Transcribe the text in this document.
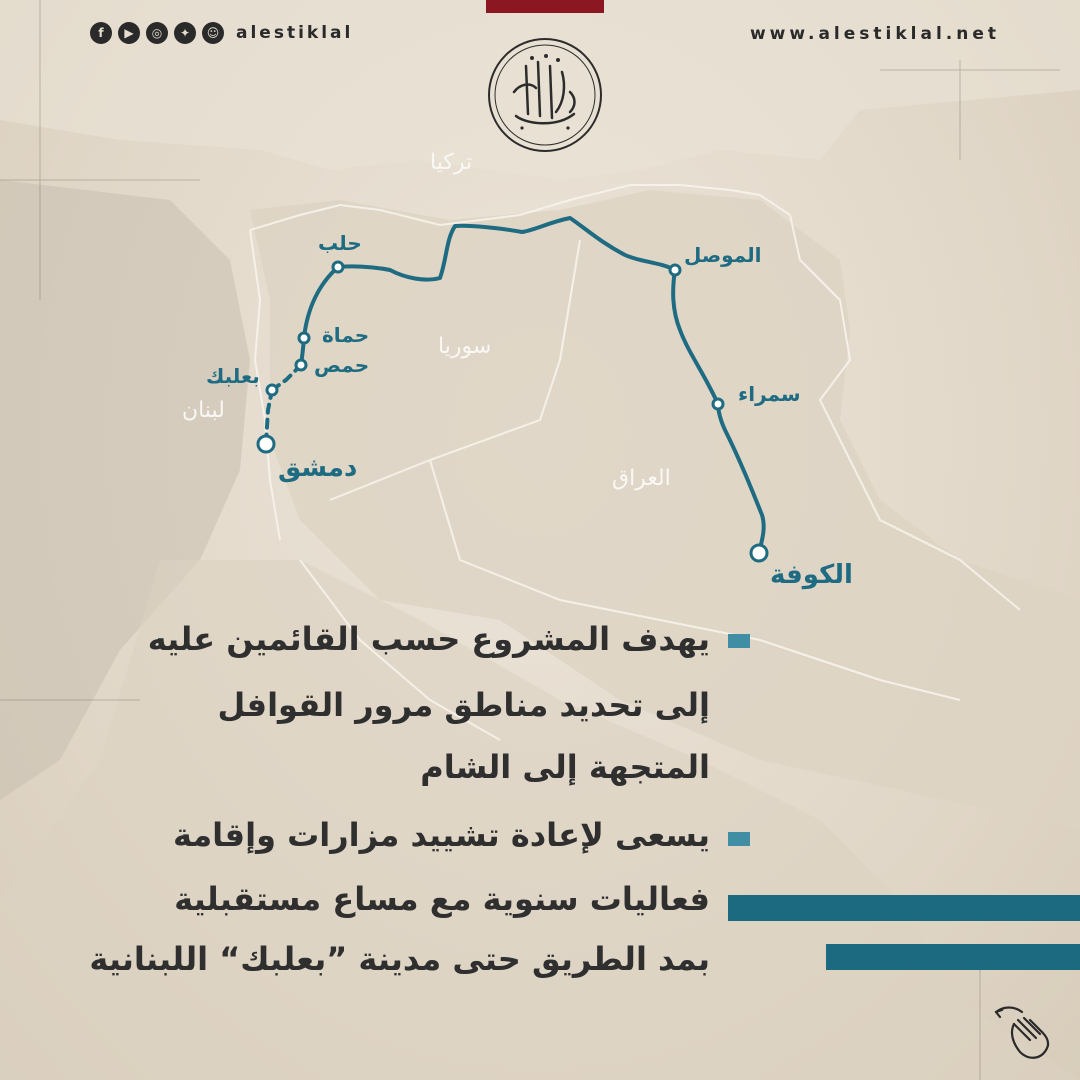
f	▶	◎	✦	☺ alestiklal	www.alestiklal.net
تركيا
سوريا
لبنان
العراق
حلب
حماة
حمص
بعلبك
دمشق
الموصل
سمراء
الكوفة
يهدف المشروع حسب القائمين عليه
إلى تحديد مناطق مرور القوافل
المتجهة إلى الشام
يسعى لإعادة تشييد مزارات وإقامة
فعاليات سنوية مع مساع مستقبلية
بمد الطريق حتى مدينة ”بعلبك“ اللبنانية
